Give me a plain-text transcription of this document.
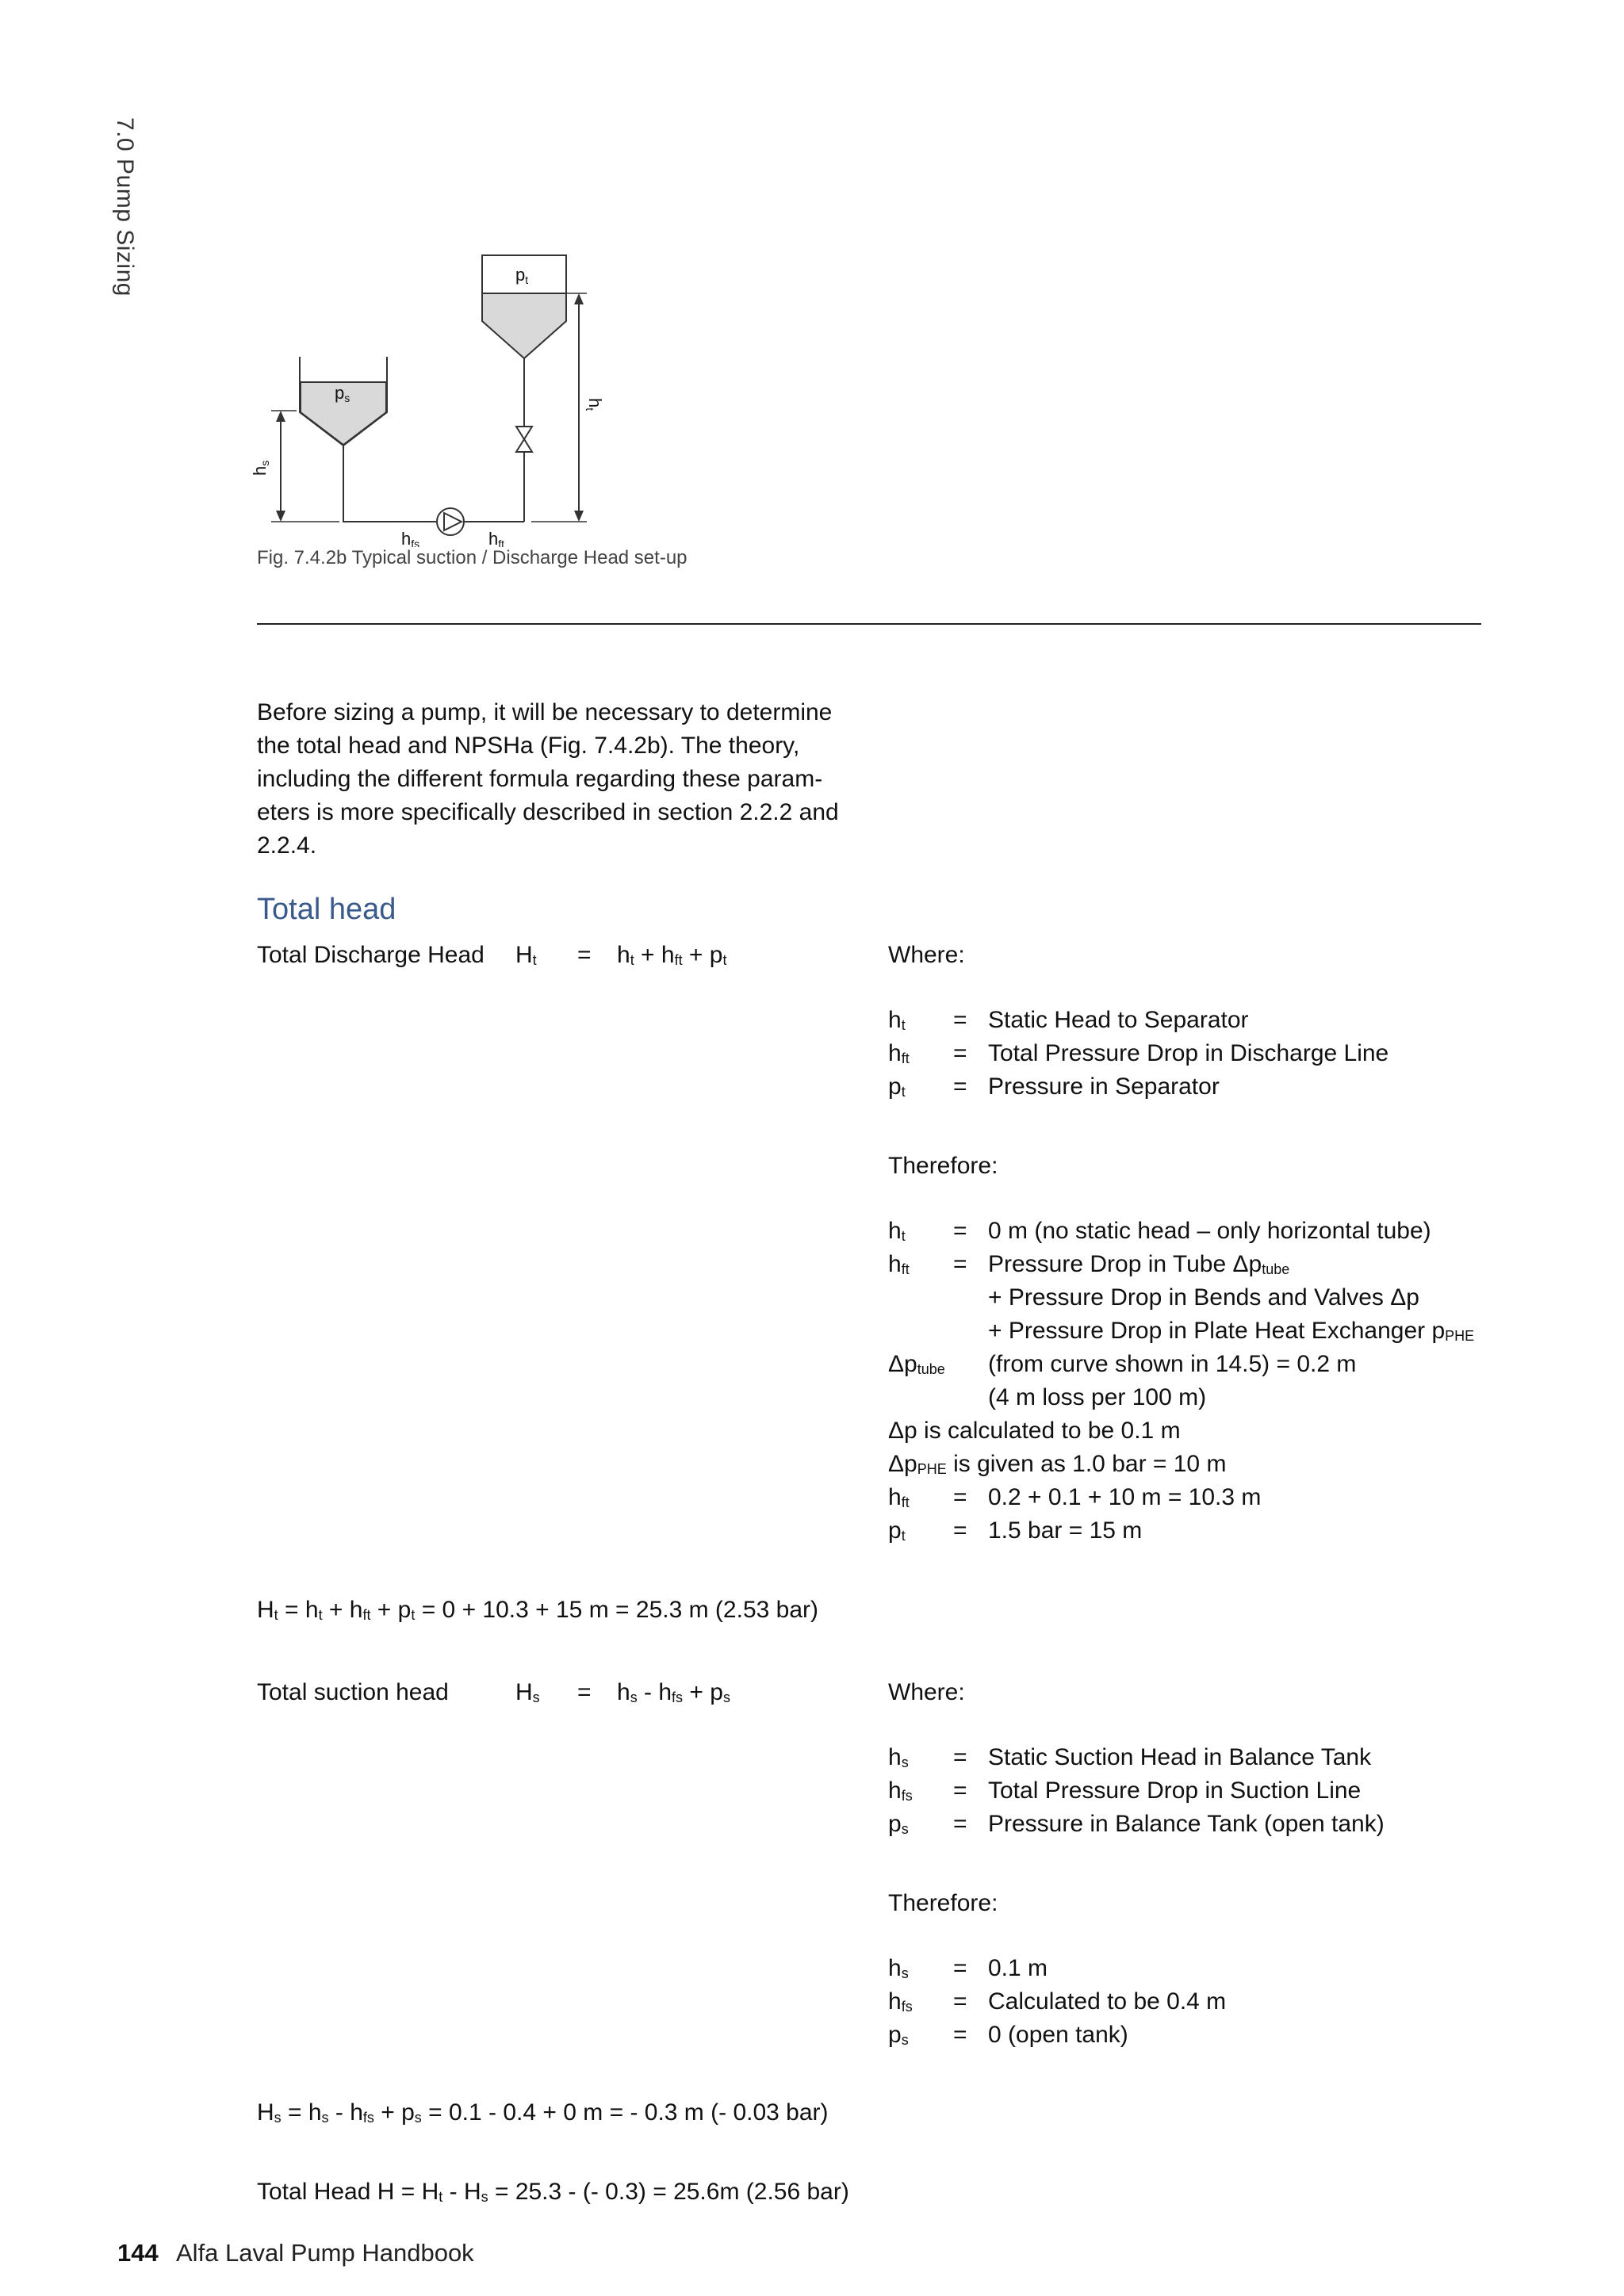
7.0 Pump Sizing	pt
ps	ht
hs
hfs	hft
Fig. 7.4.2b Typical suction / Discharge Head set-up
Before sizing a pump, it will be necessary to determine the total head and NPSHa (Fig. 7.4.2b). The theory, including the different formula regarding these param- eters is more specifically described in section 2.2.2 and 2.2.4.
Total head
Total Discharge Head $H_t = h_t + h_{ft} + p_t$	Where:
$h_t$ = Static Head to Separator
$h_{ft}$ = Total Pressure Drop in Discharge Line
$p_t$ = Pressure in Separator
Therefore:
$h_t = 0$ m (no static head – only horizontal tube)
$h_{ft}$ = Pressure Drop in Tube $\Delta p_{tube}$
+ Pressure Drop in Bends and Valves Δp
+ Pressure Drop in Plate Heat Exchanger $p_{PHE}$
$\Delta p_{tube}$ (from curve shown in 14.5) = 0.2 m
(4 m loss per 100 m)
Δp is calculated to be 0.1 m
$\Delta p_{PHE}$ is given as 1.0 bar = 10 m
$h_{ft} = 0.2 + 0.1 + 10$ m = 10.3 m
$p_t = 1.5$ bar = 15 m
$H_t = h_t + h_{ft} + p_t = 0 + 10.3 + 15$ m = 25.3 m (2.53 bar)
Total suction head	$H_s = h_s - h_{fs} + p_s$	Where:
$h_s$ = Static Suction Head in Balance Tank
$h_{fs}$ = Total Pressure Drop in Suction Line
$p_s$ = Pressure in Balance Tank (open tank)
Therefore:
$h_s = 0.1$ m
$h_{fs}$ = Calculated to be 0.4 m
$p_s = 0$ (open tank)
$H_s = h_s - h_{fs} + p_s = 0.1 - 0.4 + 0$ m = - 0.3 m (- 0.03 bar)
Total Head $H = H_t - H_s = 25.3$ - (- 0.3) = 25.6m (2.56 bar)
144 Alfa Laval Pump Handbook
